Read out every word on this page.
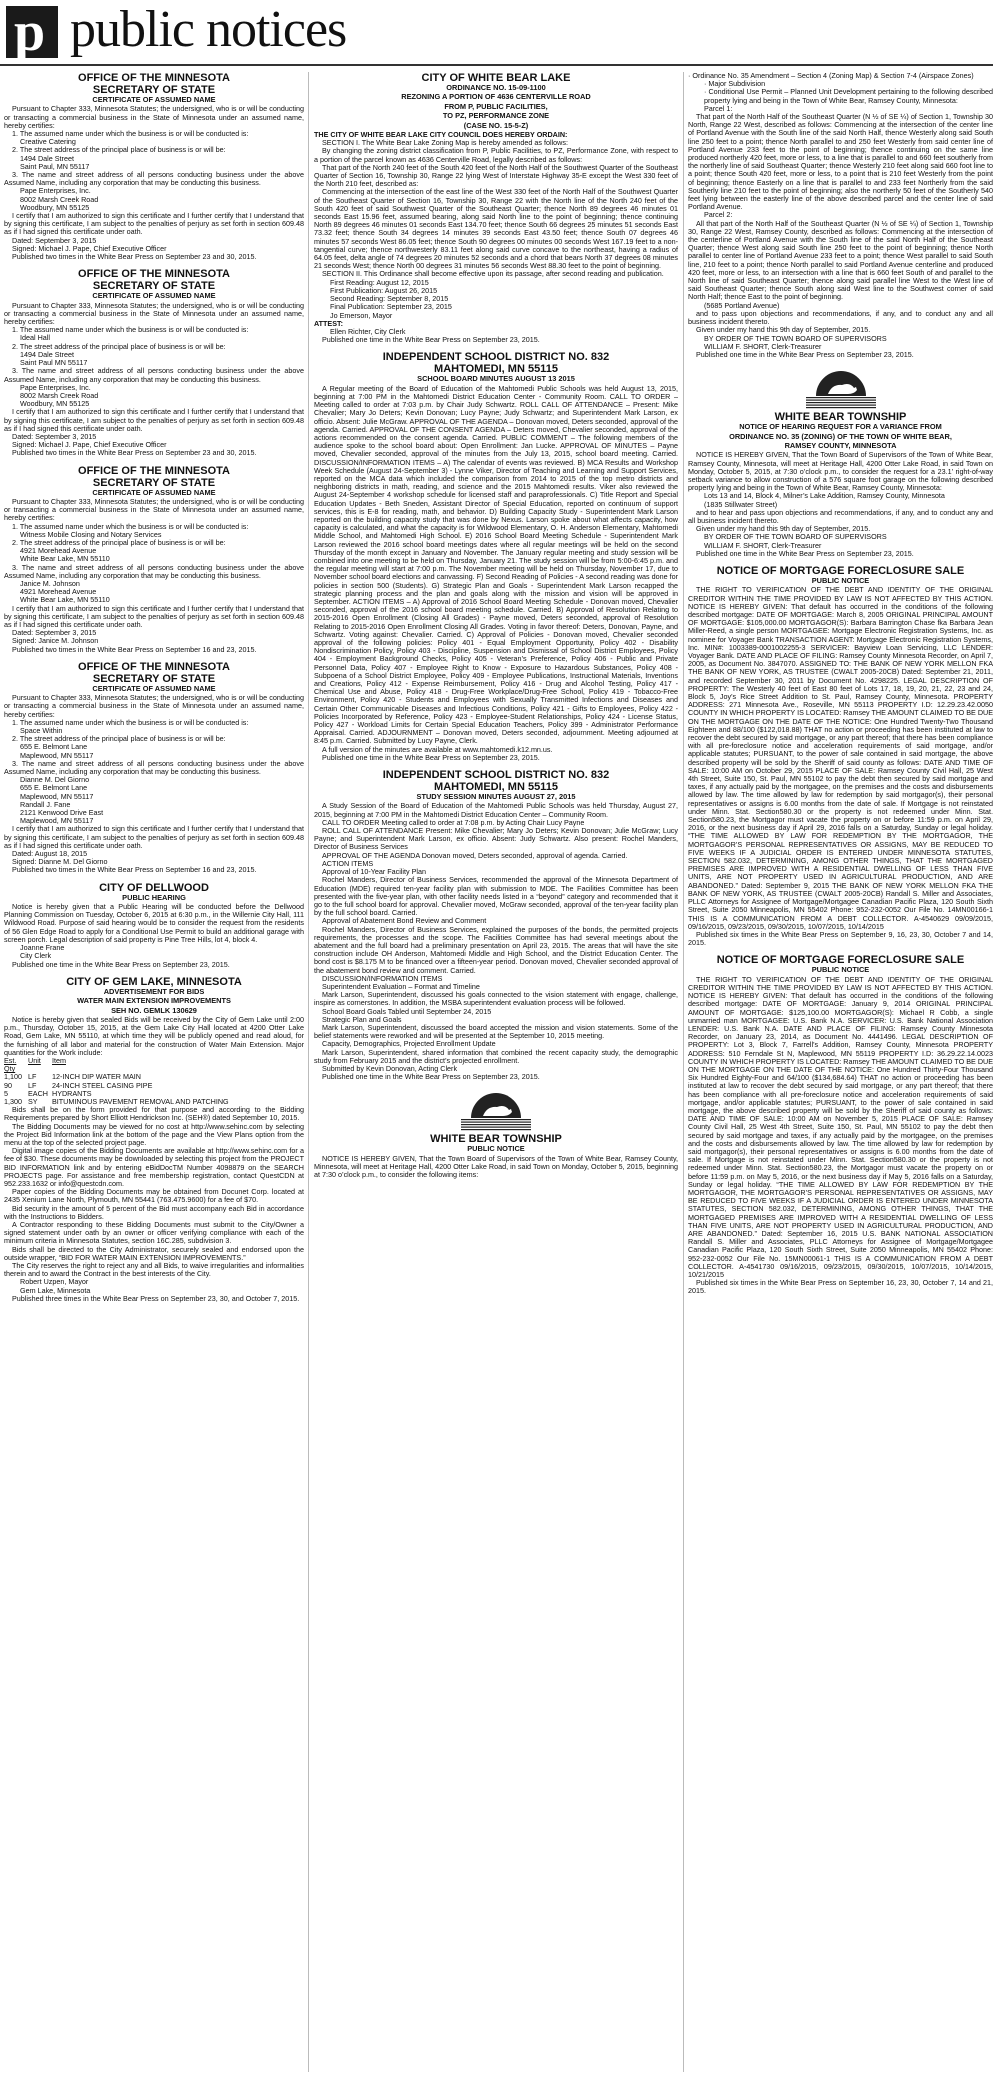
p public notices
OFFICE OF THE MINNESOTA
SECRETARY OF STATE
CERTIFICATE OF ASSUMED NAME

Pursuant to Chapter 333, Minnesota Statutes; the undersigned, who is or will be conducting or transacting a commercial business in the State of Minnesota under an assumed name, hereby certifies:

1. The assumed name under which the business is or will be conducted is:

Creative Catering

2. The street address of the principal place of business is or will be:

1494 Dale Street

Saint Paul, MN 55117

3. The name and street address of all persons conducting business under the above Assumed Name, including any corporation that may be conducting this business.

Pape Enterprises, Inc.

8002 Marsh Creek Road

Woodbury, MN 55125

I certify that I am authorized to sign this certificate and I further certify that I understand that by signing this certificate, I am subject to the penalties of perjury as set forth in section 609.48 as if I had signed this certificate under oath.

Dated: September 3, 2015

Signed: Michael J. Pape, Chief Executive Officer

Published two times in the White Bear Press on September 23 and 30, 2015.

OFFICE OF THE MINNESOTA
SECRETARY OF STATE
CERTIFICATE OF ASSUMED NAME

Pursuant to Chapter 333, Minnesota Statutes; the undersigned, who is or will be conducting or transacting a commercial business in the State of Minnesota under an assumed name, hereby certifies:

1. The assumed name under which the business is or will be conducted is:

Ideal Hall

2. The street address of the principal place of business is or will be:

1494 Dale Street

Saint Paul MN 55117

3. The name and street address of all persons conducting business under the above Assumed Name, including any corporation that may be conducting this business.

Pape Enterprises, Inc.

8002 Marsh Creek Road

Woodbury, MN 55125

I certify that I am authorized to sign this certificate and I further certify that I understand that by signing this certificate, I am subject to the penalties of perjury as set forth in section 609.48 as if I had signed this certificate under oath.

Dated: September 3, 2015

Signed: Michael J. Pape, Chief Executive Officer

Published two times in the White Bear Press on September 23 and 30, 2015.

OFFICE OF THE MINNESOTA
SECRETARY OF STATE
CERTIFICATE OF ASSUMED NAME

Pursuant to Chapter 333, Minnesota Statutes; the undersigned, who is or will be conducting or transacting a commercial business in the State of Minnesota under an assumed name, hereby certifies:

1. The assumed name under which the business is or will be conducted is:

Witness Mobile Closing and Notary Services

2. The street address of the principal place of business is or will be:

4921 Morehead Avenue

White Bear Lake, MN 55110

3. The name and street address of all persons conducting business under the above Assumed Name, including any corporation that may be conducting this business.

Janice M. Johnson

4921 Morehead Avenue

White Bear Lake, MN 55110

I certify that I am authorized to sign this certificate and I further certify that I understand that by signing this certificate, I am subject to the penalties of perjury as set forth in section 609.48 as if I had signed this certificate under oath.

Dated: September 3, 2015

Signed: Janice M. Johnson

Published two times in the White Bear Press on September 16 and 23, 2015.

OFFICE OF THE MINNESOTA
SECRETARY OF STATE
CERTIFICATE OF ASSUMED NAME

Pursuant to Chapter 333, Minnesota Statutes; the undersigned, who is or will be conducting or transacting a commercial business in the State of Minnesota under an assumed name, hereby certifies:

1. The assumed name under which the business is or will be conducted is:

Space Within

2. The street address of the principal place of business is or will be:

655 E. Belmont Lane

Maplewood, MN 55117

3. The name and street address of all persons conducting business under the above Assumed Name, including any corporation that may be conducting this business.

Dianne M. Del Giorno

655 E. Belmont Lane

Maplewood, MN 55117

Randall J. Fane

2121 Kenwood Drive East

Maplewood, MN 55117

I certify that I am authorized to sign this certificate and I further certify that I understand that by signing this certificate, I am subject to the penalties of perjury as set forth in section 609.48 as if I had signed this certificate under oath.

Dated: August 18, 2015

Signed: Dianne M. Del Giorno

Published two times in the White Bear Press on September 16 and 23, 2015.

CITY OF DELLWOOD
PUBLIC HEARING

Notice is hereby given that a Public Hearing will be conducted before the Dellwood Planning Commission on Tuesday, October 6, 2015 at 6:30 p.m., in the Willernie City Hall, 111 Wildwood Road. Purpose of said hearing would be to consider the request from the residents of 56 Glen Edge Road to apply for a Conditional Use Permit to build an additional garage with screen porch. Legal description of said property is Pine Tree Hills, lot 4, block 4.

Joanne Frane

City Clerk

Published one time in the White Bear Press on September 23, 2015.

CITY OF GEM LAKE, MINNESOTA
ADVERTISEMENT FOR BIDS
WATER MAIN EXTENSION IMPROVEMENTS
SEH NO. GEMLK 130629

Notice is hereby given that sealed Bids will be received by the City of Gem Lake until 2:00 p.m., Thursday, October 15, 2015, at the Gem Lake City Hall located at 4200 Otter Lake Road, Gem Lake, MN 55110, at which time they will be publicly opened and read aloud, for the furnishing of all labor and material for the construction of Water Main Extension. Major quantities for the Work include:

Est. Qty
Unit	Item
1,100 LF	12-INCH DIP WATER MAIN
90	LF	24-INCH STEEL CASING PIPE
5	EACH HYDRANTS
1,300 SY	BITUMINOUS PAVEMENT REMOVAL AND PATCHING

Bids shall be on the form provided for that purpose and according to the Bidding Requirements prepared by Short Elliott Hendrickson Inc. (SEH®) dated September 10, 2015.

The Bidding Documents may be viewed for no cost at http://www.sehinc.com by selecting the Project Bid Information link at the bottom of the page and the View Plans option from the menu at the top of the selected project page.

Digital image copies of the Bidding Documents are available at http://www.sehinc.com for a fee of $30. These documents may be downloaded by selecting this project from the PROJECT BID INFORMATION link and by entering eBidDocTM Number 4098879 on the SEARCH PROJECTS page. For assistance and free membership registration, contact QuestCDN at 952.233.1632 or info@questcdn.com.

Paper copies of the Bidding Documents may be obtained from Docunet Corp. located at 2435 Xenium Lane North, Plymouth, MN 55441 (763.475.9600) for a fee of $70.

Bid security in the amount of 5 percent of the Bid must accompany each Bid in accordance with the Instructions to Bidders.

A Contractor responding to these Bidding Documents must submit to the City/Owner a signed statement under oath by an owner or officer verifying compliance with each of the minimum criteria in Minnesota Statutes, section 16C.285, subdivision 3.

Bids shall be directed to the City Administrator, securely sealed and endorsed upon the outside wrapper, “BID FOR WATER MAIN EXTENSION IMPROVEMENTS.”

The City reserves the right to reject any and all Bids, to waive irregularities and informalities therein and to award the Contract in the best interests of the City.

Robert Uzpen, Mayor

Gem Lake, Minnesota

Published three times in the White Bear Press on September 23, 30, and October 7, 2015.

CITY OF WHITE BEAR LAKE
ORDINANCE NO. 15-09-1100
REZONING A PORTION OF 4636 CENTERVILLE ROAD
FROM P, PUBLIC FACILITIES,
TO PZ, PERFORMANCE ZONE
(CASE NO. 15-5-Z)

THE CITY OF WHITE BEAR LAKE CITY COUNCIL DOES HEREBY ORDAIN:

SECTION I. The White Bear Lake Zoning Map is hereby amended as follows:

By changing the zoning district classification from P, Public Facilities, to PZ, Performance Zone, with respect to a portion of the parcel known as 4636 Centerville Road, legally described as follows:

That part of the North 240 feet of the South 420 feet of the North Half of the Southwest Quarter of the Southeast Quarter of Section 16, Township 30, Range 22 lying West of Interstate Highway 35-E except the West 330 feet of the North 210 feet, described as:

Commencing at the intersection of the east line of the West 330 feet of the North Half of the Southwest Quarter of the Southeast Quarter of Section 16, Township 30, Range 22 with the North line of the North 240 feet of the South 420 feet of said Southwest Quarter of the Southeast Quarter; thence North 89 degrees 46 minutes 01 seconds East 15.96 feet, assumed bearing, along said North line to the point of beginning; thence continuing North 89 degrees 46 minutes 01 seconds East 134.70 feet; thence South 66 degrees 25 minutes 51 seconds East 73.32 feet; thence South 34 degrees 14 minutes 39 seconds East 43.50 feet; thence South 07 degrees 46 minutes 57 seconds West 86.05 feet; thence South 90 degrees 00 minutes 00 seconds West 167.19 feet to a non-tangential curve; thence northwesterly 83.11 feet along said curve concave to the northeast, having a radius of 64.05 feet, delta angle of 74 degrees 20 minutes 52 seconds and a chord that bears North 37 degrees 08 minutes 21 seconds West; thence North 00 degrees 31 minutes 56 seconds West 88.30 feet to the point of beginning.

SECTION II. This Ordinance shall become effective upon its passage, after second reading and publication.

First Reading: August 12, 2015

First Publication: August 26, 2015

Second Reading: September 8, 2015

Final Publication: September 23, 2015

Jo Emerson, Mayor

ATTEST:

Ellen Richter, City Clerk

Published one time in the White Bear Press on September 23, 2015.

INDEPENDENT SCHOOL DISTRICT NO. 832
MAHTOMEDI, MN 55115
SCHOOL BOARD MINUTES AUGUST 13 2015

A Regular meeting of the Board of Education of the Mahtomedi Public Schools was held August 13, 2015, beginning at 7:00 PM in the Mahtomedi District Education Center - Community Room. CALL TO ORDER – Meeting called to order at 7:03 p.m. by Chair Judy Schwartz. ROLL CALL OF ATTENDANCE – Present: Mike Chevalier; Mary Jo Deters; Kevin Donovan; Lucy Payne; Judy Schwartz; and Superintendent Mark Larson, ex officio. Absent: Julie McGraw. APPROVAL OF THE AGENDA – Donovan moved, Deters seconded, approval of the agenda. Carried. APPROVAL OF THE CONSENT AGENDA – Deters moved, Chevalier seconded, approval of the actions recommended on the consent agenda. Carried. PUBLIC COMMENT – The following members of the audience spoke to the school board about: Open Enrollment: Jan Lucke. APPROVAL OF MINUTES – Payne moved, Chevalier seconded, approval of the minutes from the July 13, 2015, school board meeting. Carried. DISCUSSION/INFORMATION ITEMS – A) The calendar of events was reviewed. B) MCA Results and Workshop Week Schedule (August 24-September 3) - Lynne Viker, Director of Teaching and Learning and Support Services, reported on the MCA data which included the comparison from 2014 to 2015 of the top metro districts and neighboring districts in math, reading, and science and the 2015 Mahtomedi results. Viker also reviewed the August 24-September 4 workshop schedule for licensed staff and paraprofessionals. C) Title Report and Special Education Updates - Beth Sneden, Assistant Director of Special Education, reported on continuum of support services, this is E-8 for reading, math, and behavior. D) Building Capacity Study - Superintendent Mark Larson reported on the building capacity study that was done by Nexus. Larson spoke about what affects capacity, how capacity is calculated, and what the capacity is for Wildwood Elementary, O. H. Anderson Elementary, Mahtomedi Middle School, and Mahtomedi High School. E) 2016 School Board Meeting Schedule - Superintendent Mark Larson reviewed the 2016 school board meetings dates where all regular meetings will be held on the second Thursday of the month except in January and November. The January regular meeting and study session will be combined into one meeting to be held on Thursday, January 21. The study session will be from 5:00-6:45 p.m. and the regular meeting will start at 7:00 p.m. The November meeting will be held on Thursday, November 17, due to November school board elections and canvassing. F) Second Reading of Policies - A second reading was done for policies in section 500 (Students). G) Strategic Plan and Goals - Superintendent Mark Larson recapped the strategic planning process and the plan and goals along with the mission and vision will be approved in September. ACTION ITEMS – A) Approval of 2016 School Board Meeting Schedule - Donovan moved, Chevalier seconded, approval of the 2016 school board meeting schedule. Carried. B) Approval of Resolution Relating to 2015-2016 Open Enrollment (Closing All Grades) - Payne moved, Deters seconded, approval of Resolution Relating to 2015-2016 Open Enrollment Closing All Grades. Voting in favor thereof: Deters, Donovan, Payne, and Schwartz. Voting against: Chevalier. Carried. C) Approval of Policies - Donovan moved, Chevalier seconded approval of the following policies: Policy 401 - Equal Employment Opportunity, Policy 402 - Disability Nondiscrimination Policy, Policy 403 - Discipline, Suspension and Dismissal of School District Employees, Policy 404 - Employment Background Checks, Policy 405 - Veteran’s Preference, Policy 406 - Public and Private Personnel Data, Policy 407 - Employee Right to Know - Exposure to Hazardous Substances, Policy 408 - Subpoena of a School District Employee, Policy 409 - Employee Publications, Instructional Materials, Inventions and Creations, Policy 412 - Expense Reimbursement, Policy 416 - Drug and Alcohol Testing, Policy 417 - Chemical Use and Abuse, Policy 418 - Drug-Free Workplace/Drug-Free School, Policy 419 - Tobacco-Free Environment, Policy 420 - Students and Employees with Sexually Transmitted Infections and Diseases and Certain Other Communicable Diseases and Infectious Conditions, Policy 421 - Gifts to Employees, Policy 422 - Policies Incorporated by Reference, Policy 423 - Employee-Student Relationships, Policy 424 - License Status, Policy 427 - Workload Limits for Certain Special Education Teachers, Policy 399 - Administrator Performance Appraisal. Carried. ADJOURNMENT – Donovan moved, Deters seconded, adjournment. Meeting adjourned at 8:45 p.m. Carried. Submitted by Lucy Payne, Clerk.

A full version of the minutes are available at www.mahtomedi.k12.mn.us.

Published one time in the White Bear Press on September 23, 2015.

INDEPENDENT SCHOOL DISTRICT NO. 832
MAHTOMEDI, MN 55115
STUDY SESSION MINUTES AUGUST 27, 2015

A Study Session of the Board of Education of the Mahtomedi Public Schools was held Thursday, August 27, 2015, beginning at 7:00 PM in the Mahtomedi District Education Center – Community Room.

CALL TO ORDER Meeting called to order at 7:08 p.m. by Acting Chair Lucy Payne

ROLL CALL OF ATTENDANCE Present: Mike Chevalier; Mary Jo Deters; Kevin Donovan; Julie McGraw; Lucy Payne; and Superintendent Mark Larson, ex officio. Absent: Judy Schwartz. Also present: Rochel Manders, Director of Business Services

APPROVAL OF THE AGENDA Donovan moved, Deters seconded, approval of agenda. Carried.

ACTION ITEMS

Approval of 10-Year Facility Plan

Rochel Manders, Director of Business Services, recommended the approval of the Minnesota Department of Education (MDE) required ten-year facility plan with submission to MDE. The Facilities Committee has been presented with the five-year plan, with other facility needs listed in a “beyond” category and recommended that it go to the full school board for approval. Chevalier moved, McGraw seconded, approval of the ten-year facility plan by the full school board. Carried.

Approval of Abatement Bond Review and Comment

Rochel Manders, Director of Business Services, explained the purposes of the bonds, the permitted projects requirements, the processes and the scope. The Facilities Committee has had several meetings about the abatement and the full board had a preliminary presentation on April 23, 2015. The areas that will have the site construction include OH Anderson, Mahtomedi Middle and High School, and the District Education Center. The bond cost is $8.175 M to be financed over a fifteen-year period. Donovan moved, Chevalier seconded approval of the abatement bond review and comment. Carried.

DISCUSSION/INFORMATION ITEMS

Superintendent Evaluation – Format and Timeline

Mark Larson, Superintendent, discussed his goals connected to the vision statement with engage, challenge, inspire as cornerstones. In addition, the MSBA superintendent evaluation process will be followed.

School Board Goals Tabled until September 24, 2015

Strategic Plan and Goals

Mark Larson, Superintendent, discussed the board accepted the mission and vision statements. Some of the belief statements were reworked and will be presented at the September 10, 2015 meeting.

Capacity, Demographics, Projected Enrollment Update

Mark Larson, Superintendent, shared information that combined the recent capacity study, the demographic study from February 2015 and the district’s projected enrollment.

Submitted by Kevin Donovan, Acting Clerk

Published one time in the White Bear Press on September 23, 2015.

WHITE BEAR TOWNSHIP
PUBLIC NOTICE

NOTICE IS HEREBY GIVEN, That the Town Board of Supervisors of the Town of White Bear, Ramsey County, Minnesota, will meet at Heritage Hall, 4200 Otter Lake Road, in said Town on Monday, October 5, 2015, beginning at 7:30 o’clock p.m., to consider the following items:

· Ordinance No. 35 Amendment – Section 4 (Zoning Map) & Section 7-4 (Airspace Zones)

· Major Subdivision

· Conditional Use Permit – Planned Unit Development pertaining to the following described property lying and being in the Town of White Bear, Ramsey County, Minnesota:

Parcel 1:

That part of the North Half of the Southeast Quarter (N ½ of SE ¼) of Section 1, Township 30 North, Range 22 West, described as follows: Commencing at the intersection of the center line of Portland Avenue with the South line of the said North Half, thence Westerly along said South line 250 feet to a point; thence North parallel to and 250 feet Westerly from said center line of Portland Avenue 233 feet to the point of beginning; thence continuing on the same line produced northerly 420 feet, more or less, to a line that is parallel to and 660 feet southerly from the northerly line of said Southeast Quarter; thence Westerly 210 feet along said 660 foot line to a point; thence South 420 feet, more or less, to a point that is 210 feet Westerly from the point of beginning; thence Easterly on a line that is parallel to and 233 feet Northerly from the said Southerly line 210 feet to the point of beginning; also the northerly 50 feet of the Southerly 540 feet lying between the easterly line of the above described parcel and the center line of said Portland Avenue.

Parcel 2:

All that part of the North Half of the Southeast Quarter (N ½ of SE ¼) of Section 1, Township 30, Range 22 West, Ramsey County, described as follows: Commencing at the intersection of the centerline of Portland Avenue with the South line of the said North Half of the Southeast Quarter; thence West along said South line 250 feet to the point of beginning; thence North parallel to center line of Portland Avenue 233 feet to a point; thence West parallel to said South line, 210 feet to a point; thence North parallel to said Portland Avenue centerline and produced 420 feet, more or less, to an intersection with a line that is 660 feet South of and parallel to the North line of said Southeast Quarter; thence along said parallel line West to the West line of said Southeast Quarter; thence South along said West line to the Southwest corner of said North Half; thence East to the point of beginning.

(5685 Portland Avenue)

and to pass upon objections and recommendations, if any, and to conduct any and all business incident thereto.

Given under my hand this 9th day of September, 2015.

BY ORDER OF THE TOWN BOARD OF SUPERVISORS

WILLIAM F. SHORT, Clerk-Treasurer

Published one time in the White Bear Press on September 23, 2015.

WHITE BEAR TOWNSHIP
NOTICE OF HEARING REQUEST FOR A VARIANCE FROM
ORDINANCE NO. 35 (ZONING) OF THE TOWN OF WHITE BEAR,
RAMSEY COUNTY, MINNESOTA

NOTICE IS HEREBY GIVEN, That the Town Board of Supervisors of the Town of White Bear, Ramsey County, Minnesota, will meet at Heritage Hall, 4200 Otter Lake Road, in said Town on Monday, October 5, 2015, at 7:30 o’clock p.m., to consider the request for a 23.1’ right-of-way setback variance to allow construction of a 576 square foot garage on the following described property lying and being in the Town of White Bear, Ramsey County, Minnesota:

Lots 13 and 14, Block 4, Milner’s Lake Addition, Ramsey County, Minnesota

(1835 Stillwater Street)

and to hear and pass upon objections and recommendations, if any, and to conduct any and all business incident thereto.

Given under my hand this 9th day of September, 2015.

BY ORDER OF THE TOWN BOARD OF SUPERVISORS

WILLIAM F. SHORT, Clerk-Treasurer

Published one time in the White Bear Press on September 23, 2015.

NOTICE OF MORTGAGE FORECLOSURE SALE
PUBLIC NOTICE

THE RIGHT TO VERIFICATION OF THE DEBT AND IDENTITY OF THE ORIGINAL CREDITOR WITHIN THE TIME PROVIDED BY LAW IS NOT AFFECTED BY THIS ACTION. NOTICE IS HEREBY GIVEN: That default has occurred in the conditions of the following described mortgage: DATE OF MORTGAGE: March 8, 2005 ORIGINAL PRINCIPAL AMOUNT OF MORTGAGE: $105,000.00 MORTGAGOR(S): Barbara Barrington Chase fka Barbara Jean Miller-Reed, a single person MORTGAGEE: Mortgage Electronic Registration Systems, Inc. as nominee for Voyager Bank TRANSACTION AGENT: Mortgage Electronic Registration Systems, Inc. MIN#: 1003389-0001002255-3 SERVICER: Bayview Loan Servicing, LLC LENDER: Voyager Bank. DATE AND PLACE OF FILING: Ramsey County Minnesota Recorder, on April 7, 2005, as Document No. 3847070. ASSIGNED TO: THE BANK OF NEW YORK MELLON FKA THE BANK OF NEW YORK, AS TRUSTEE (CWALT 2005-20CB) Dated: September 21, 2011, and recorded September 30, 2011 by Document No. 4298225. LEGAL DESCRIPTION OF PROPERTY: The Westerly 40 feet of East 80 feet of Lots 17, 18, 19, 20, 21, 22, 23 and 24, Block 5, Joy’s Rice Street Addition to St. Paul, Ramsey County, Minnesota. PROPERTY ADDRESS: 271 Minnesota Ave., Roseville, MN 55113 PROPERTY I.D: 12.29.23.42.0050 COUNTY IN WHICH PROPERTY IS LOCATED: Ramsey THE AMOUNT CLAIMED TO BE DUE ON THE MORTGAGE ON THE DATE OF THE NOTICE: One Hundred Twenty-Two Thousand Eighteen and 88/100 ($122,018.88) THAT no action or proceeding has been instituted at law to recover the debt secured by said mortgage, or any part thereof; that there has been compliance with all pre-foreclosure notice and acceleration requirements of said mortgage, and/or applicable statutes; PURSUANT, to the power of sale contained in said mortgage, the above described property will be sold by the Sheriff of said county as follows: DATE AND TIME OF SALE: 10:00 AM on October 29, 2015 PLACE OF SALE: Ramsey County Civil Hall, 25 West 4th Street, Suite 150, St. Paul, MN 55102 to pay the debt then secured by said mortgage and taxes, if any actually paid by the mortgagee, on the premises and the costs and disbursements allowed by law. The time allowed by law for redemption by said mortgagor(s), their personal representatives or assigns is 6.00 months from the date of sale. If Mortgage is not reinstated under Minn. Stat. Section580.30 or the property is not redeemed under Minn. Stat. Section580.23, the Mortgagor must vacate the property on or before 11:59 p.m. on April 29, 2016, or the next business day if April 29, 2016 falls on a Saturday, Sunday or legal holiday. “THE TIME ALLOWED BY LAW FOR REDEMPTION BY THE MORTGAGOR, THE MORTGAGOR’S PERSONAL REPRESENTATIVES OR ASSIGNS, MAY BE REDUCED TO FIVE WEEKS IF A JUDICIAL ORDER IS ENTERED UNDER MINNESOTA STATUTES, SECTION 582.032, DETERMINING, AMONG OTHER THINGS, THAT THE MORTGAGED PREMISES ARE IMPROVED WITH A RESIDENTIAL DWELLING OF LESS THAN FIVE UNITS, ARE NOT PROPERTY USED IN AGRICULTURAL PRODUCTION, AND ARE ABANDONED.” Dated: September 9, 2015 THE BANK OF NEW YORK MELLON FKA THE BANK OF NEW YORK, AS TRUSTEE (CWALT 2005-20CB) Randall S. Miller and Associates, PLLC Attorneys for Assignee of Mortgage/Mortgagee Canadian Pacific Plaza, 120 South Sixth Street, Suite 2050 Minneapolis, MN 55402 Phone: 952-232-0052 Our File No. 14MN00166-1 THIS IS A COMMUNICATION FROM A DEBT COLLECTOR. A-4540629 09/09/2015, 09/16/2015, 09/23/2015, 09/30/2015, 10/07/2015, 10/14/2015

Published six times in the White Bear Press on September 9, 16, 23, 30, October 7 and 14, 2015.

NOTICE OF MORTGAGE FORECLOSURE SALE
PUBLIC NOTICE

THE RIGHT TO VERIFICATION OF THE DEBT AND IDENTITY OF THE ORIGINAL CREDITOR WITHIN THE TIME PROVIDED BY LAW IS NOT AFFECTED BY THIS ACTION. NOTICE IS HEREBY GIVEN: That default has occurred in the conditions of the following described mortgage: DATE OF MORTGAGE: January 9, 2014 ORIGINAL PRINCIPAL AMOUNT OF MORTGAGE: $125,100.00 MORTGAGOR(S): Michael R Cobb, a single unmarried man MORTGAGEE: U.S. Bank N.A. SERVICER: U.S. Bank National Association LENDER: U.S. Bank N.A. DATE AND PLACE OF FILING: Ramsey County Minnesota Recorder, on January 23, 2014, as Document No. 4441496. LEGAL DESCRIPTION OF PROPERTY: Lot 3, Block 7, Farrell’s Addition, Ramsey County, Minnesota PROPERTY ADDRESS: 510 Ferndale St N, Maplewood, MN 55119 PROPERTY I.D: 36.29.22.14.0023 COUNTY IN WHICH PROPERTY IS LOCATED: Ramsey THE AMOUNT CLAIMED TO BE DUE ON THE MORTGAGE ON THE DATE OF THE NOTICE: One Hundred Thirty-Four Thousand Six Hundred Eighty-Four and 64/100 ($134,684.64) THAT no action or proceeding has been instituted at law to recover the debt secured by said mortgage, or any part thereof; that there has been compliance with all pre-foreclosure notice and acceleration requirements of said mortgage, and/or applicable statutes; PURSUANT, to the power of sale contained in said mortgage, the above described property will be sold by the Sheriff of said county as follows: DATE AND TIME OF SALE: 10:00 AM on November 5, 2015 PLACE OF SALE: Ramsey County Civil Hall, 25 West 4th Street, Suite 150, St. Paul, MN 55102 to pay the debt then secured by said mortgage and taxes, if any actually paid by the mortgagee, on the premises and the costs and disbursements allowed by law. The time allowed by law for redemption by said mortgagor(s), their personal representatives or assigns is 6.00 months from the date of sale. If Mortgage is not reinstated under Minn. Stat. Section580.30 or the property is not redeemed under Minn. Stat. Section580.23, the Mortgagor must vacate the property on or before 11:59 p.m. on May 5, 2016, or the next business day if May 5, 2016 falls on a Saturday, Sunday or legal holiday. “THE TIME ALLOWED BY LAW FOR REDEMPTION BY THE MORTGAGOR, THE MORTGAGOR’S PERSONAL REPRESENTATIVES OR ASSIGNS, MAY BE REDUCED TO FIVE WEEKS IF A JUDICIAL ORDER IS ENTERED UNDER MINNESOTA STATUTES, SECTION 582.032, DETERMINING, AMONG OTHER THINGS, THAT THE MORTGAGED PREMISES ARE IMPROVED WITH A RESIDENTIAL DWELLING OF LESS THAN FIVE UNITS, ARE NOT PROPERTY USED IN AGRICULTURAL PRODUCTION, AND ARE ABANDONED.” Dated: September 16, 2015 U.S. BANK NATIONAL ASSOCIATION Randall S. Miller and Associates, PLLC Attorneys for Assignee of Mortgage/Mortgagee Canadian Pacific Plaza, 120 South Sixth Street, Suite 2050 Minneapolis, MN 55402 Phone: 952-232-0052 Our File No. 15MN00061-1 THIS IS A COMMUNICATION FROM A DEBT COLLECTOR. A-4541730 09/16/2015, 09/23/2015, 09/30/2015, 10/07/2015, 10/14/2015, 10/21/2015

Published six times in the White Bear Press on September 16, 23, 30, October 7, 14 and 21, 2015.
